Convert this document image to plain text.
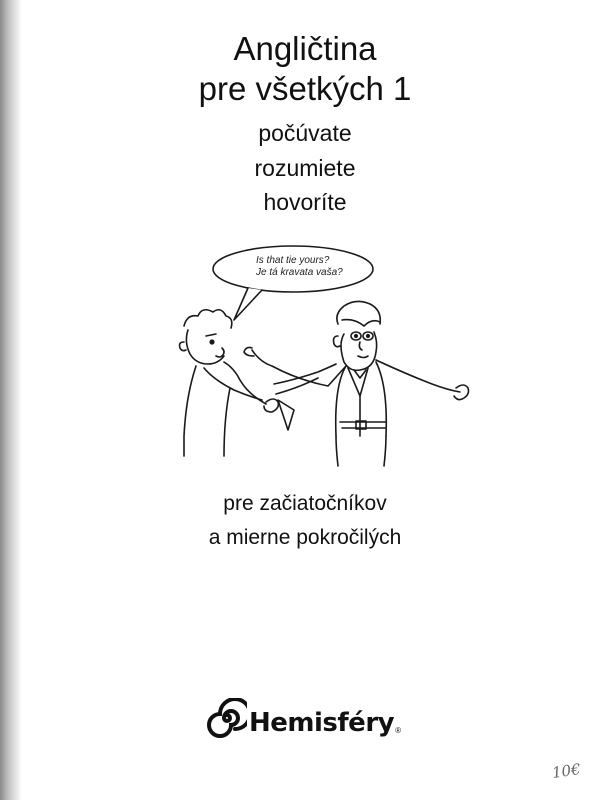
Angličtina
pre všetkých 1
počúvate
rozumiete
hovoríte
Is that tie yours?
Je tá kravata vaša?
pre začiatočníkov
a mierne pokročilých
Hemisféry ®
10€
